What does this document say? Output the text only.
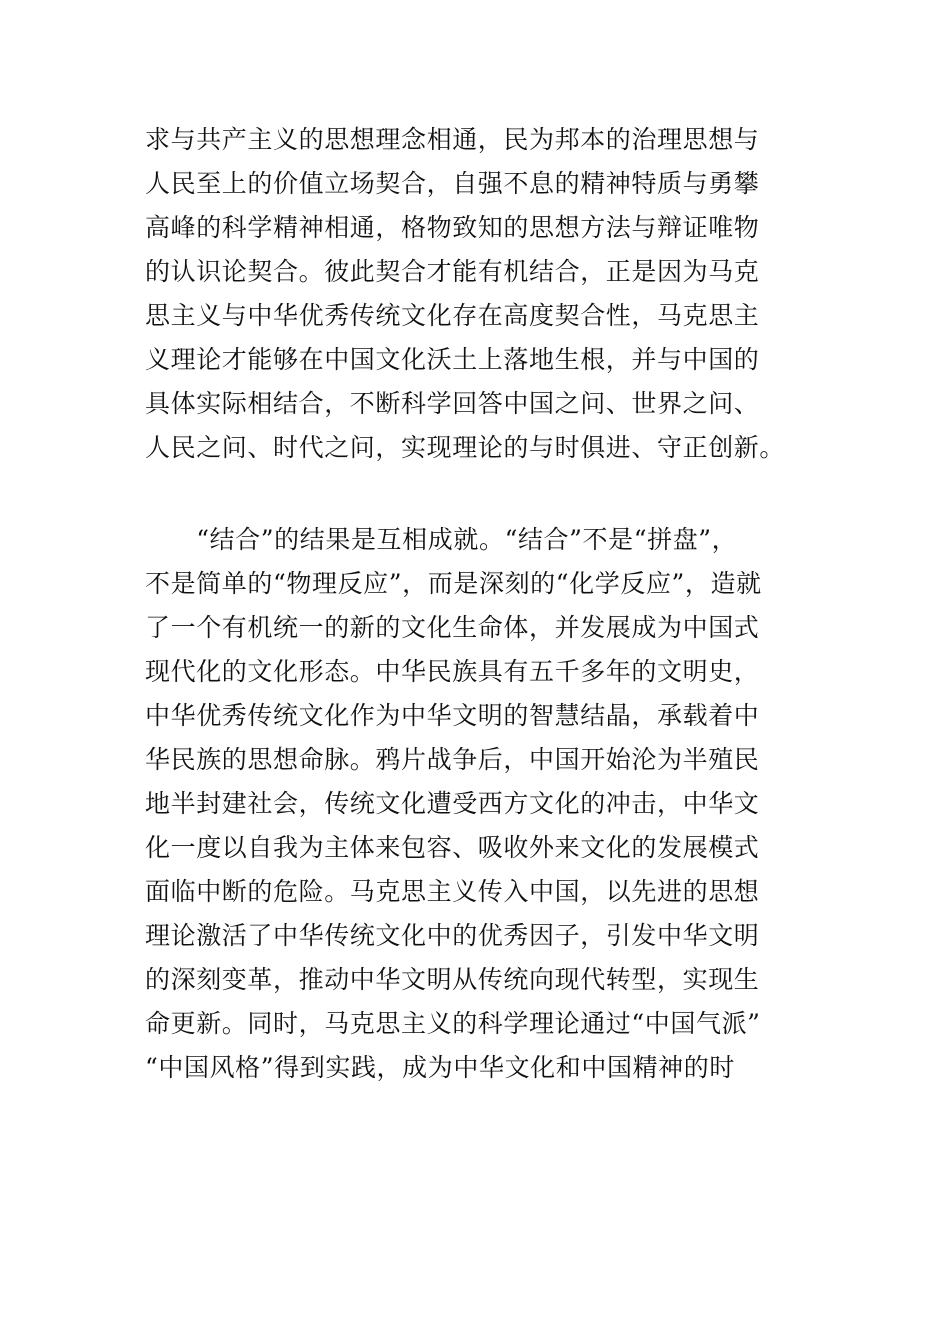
求与共产主义的思想理念相通，民为邦本的治理思想与
人民至上的价值立场契合，自强不息的精神特质与勇攀
高峰的科学精神相通，格物致知的思想方法与辩证唯物
的认识论契合。彼此契合才能有机结合，正是因为马克
思主义与中华优秀传统文化存在高度契合性，马克思主
义理论才能够在中国文化沃土上落地生根，并与中国的
具体实际相结合，不断科学回答中国之问、世界之问、
人民之问、时代之问，实现理论的与时俱进、守正创新。
　　“结合”的结果是互相成就。“结合”不是“拼盘”，
不是简单的“物理反应”，而是深刻的“化学反应”，造就
了一个有机统一的新的文化生命体，并发展成为中国式
现代化的文化形态。中华民族具有五千多年的文明史，
中华优秀传统文化作为中华文明的智慧结晶，承载着中
华民族的思想命脉。鸦片战争后，中国开始沦为半殖民
地半封建社会，传统文化遭受西方文化的冲击，中华文
化一度以自我为主体来包容、吸收外来文化的发展模式
面临中断的危险。马克思主义传入中国，以先进的思想
理论激活了中华传统文化中的优秀因子，引发中华文明
的深刻变革，推动中华文明从传统向现代转型，实现生
命更新。同时，马克思主义的科学理论通过“中国气派”
“中国风格”得到实践，成为中华文化和中国精神的时
